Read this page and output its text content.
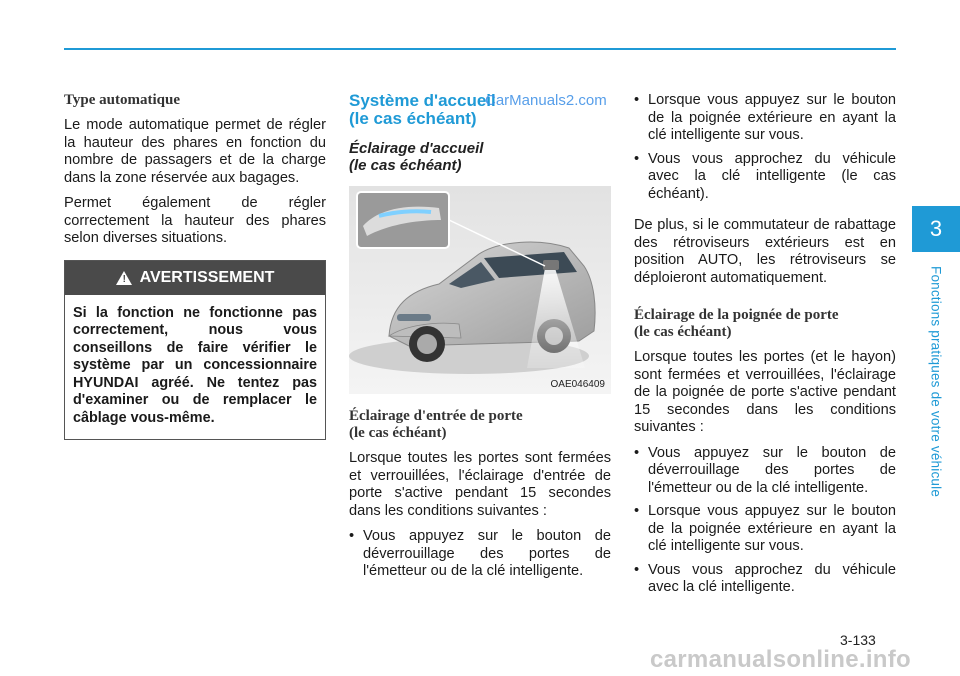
Type automatique

Le mode automatique permet de régler la hauteur des phares en fonction du nombre de passagers et de la charge dans la zone réservée aux bagages.

Permet également de régler correctement la hauteur des phares selon diverses situations.

! AVERTISSEMENT
Si la fonction ne fonctionne pas correctement, nous vous conseillons de faire vérifier le système par un concessionnaire HYUNDAI agréé. Ne tentez pas d'examiner ou de remplacer le câblage vous-même.
Système d'accueil
(le cas échéant)
CarManuals2.com
Éclairage d'accueil
(le cas échéant)
OAE046409
Éclairage d'entrée de porte
(le cas échéant)

Lorsque toutes les portes sont fermées et verrouillées, l'éclairage d'entrée de porte s'active pendant 15 secondes dans les conditions suivantes :

• Vous appuyez sur le bouton de déverrouillage des portes de l'émetteur ou de la clé intelligente.
• Lorsque vous appuyez sur le bouton de la poignée extérieure en ayant la clé intelligente sur vous.
• Vous vous approchez du véhicule avec la clé intelligente (le cas échéant).

De plus, si le commutateur de rabattage des rétroviseurs extérieurs est en position AUTO, les rétroviseurs se déploieront automatiquement.

Éclairage de la poignée de porte
(le cas échéant)

Lorsque toutes les portes (et le hayon) sont fermées et verrouillées, l'éclairage de la poignée de porte s'active pendant 15 secondes dans les conditions suivantes :

• Vous appuyez sur le bouton de déverrouillage des portes de l'émetteur ou de la clé intelligente.
• Lorsque vous appuyez sur le bouton de la poignée extérieure en ayant la clé intelligente sur vous.
• Vous vous approchez du véhicule avec la clé intelligente.
3
Fonctions pratiques de votre véhicule
3-133
carmanualsonline.info
